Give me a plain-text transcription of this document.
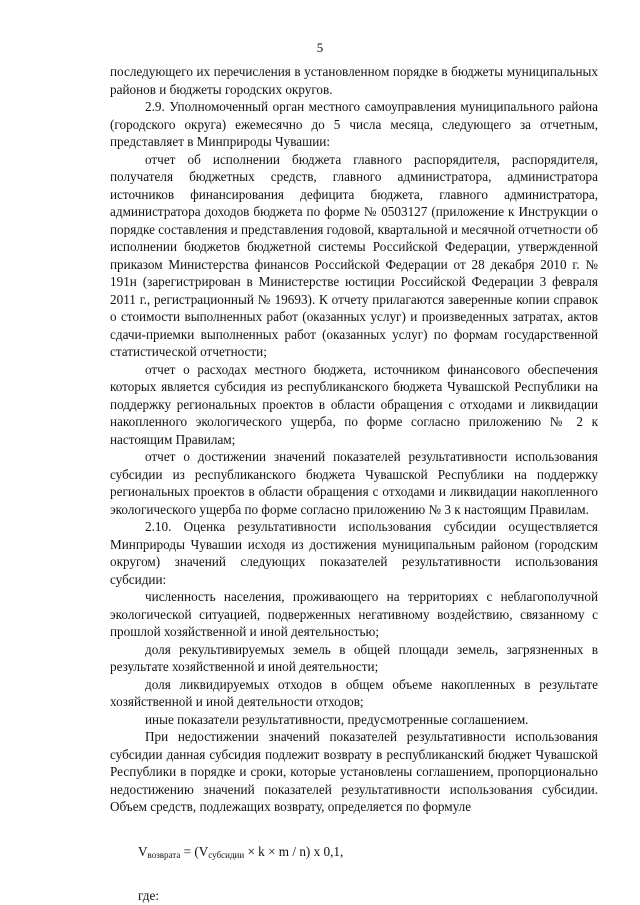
5

последующего их перечисления в установленном порядке в бюджеты муниципальных районов и бюджеты городских округов.

2.9. Уполномоченный орган местного самоуправления муниципального района (городского округа) ежемесячно до 5 числа месяца, следующего за отчетным, представляет в Минприроды Чувашии:

отчет об исполнении бюджета главного распорядителя, распорядителя, получателя бюджетных средств, главного администратора, администратора источников финансирования дефицита бюджета, главного администратора, администратора доходов бюджета по форме № 0503127 (приложение к Инструкции о порядке составления и представления годовой, квартальной и месячной отчетности об исполнении бюджетов бюджетной системы Российской Федерации, утвержденной приказом Министерства финансов Российской Федерации от 28 декабря 2010 г. № 191н (зарегистрирован в Министерстве юстиции Российской Федерации 3 февраля 2011 г., регистрационный № 19693). К отчету прилагаются заверенные копии справок о стоимости выполненных работ (оказанных услуг) и произведенных затратах, актов сдачи-приемки выполненных работ (оказанных услуг) по формам государственной статистической отчетности;

отчет о расходах местного бюджета, источником финансового обеспечения которых является субсидия из республиканского бюджета Чувашской Республики на поддержку региональных проектов в области обращения с отходами и ликвидации накопленного экологического ущерба, по форме согласно приложению № 2 к настоящим Правилам;

отчет о достижении значений показателей результативности использования субсидии из республиканского бюджета Чувашской Республики на поддержку региональных проектов в области обращения с отходами и ликвидации накопленного экологического ущерба по форме согласно приложению № 3 к настоящим Правилам.

2.10. Оценка результативности использования субсидии осуществляется Минприроды Чувашии исходя из достижения муниципальным районом (городским округом) значений следующих показателей результативности использования субсидии:

численность населения, проживающего на территориях с неблагополучной экологической ситуацией, подверженных негативному воздействию, связанному с прошлой хозяйственной и иной деятельностью;

доля рекультивируемых земель в общей площади земель, загрязненных в результате хозяйственной и иной деятельности;

доля ликвидируемых отходов в общем объеме накопленных в результате хозяйственной и иной деятельности отходов;

иные показатели результативности, предусмотренные соглашением.

При недостижении значений показателей результативности использования субсидии данная субсидия подлежит возврату в республиканский бюджет Чувашской Республики в порядке и сроки, которые установлены соглашением, пропорционально недостижению значений показателей результативности использования субсидии. Объем средств, подлежащих возврату, определяется по формуле

$V_{возврата} = (V_{субсидии} \times k \times m / n)$ x 0,1,

где:
